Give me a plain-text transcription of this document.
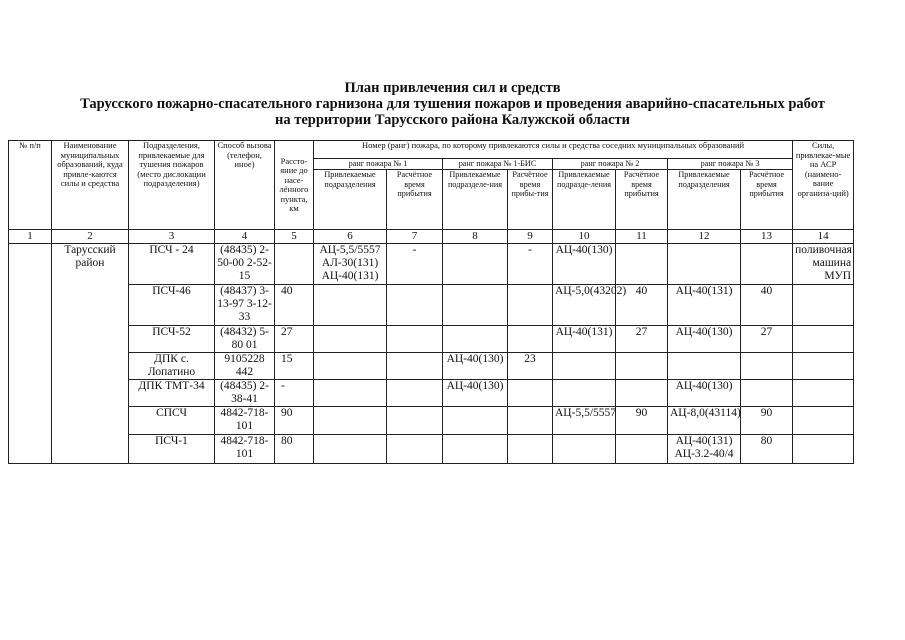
План привлечения сил и средств
Тарусского пожарно-спасательного гарнизона для тушения пожаров и проведения аварийно-спасательных работ
на территории Тарусского района Калужской области
№ п/п	Наименование муниципальных образований, куда привле-каются силы и средства	Подразделения, привлекаемые для тушения пожаров (место дислокации подразделения)	Способ вызова (телефон, иное)	Рассто-яние до насе-лённого пункта, км	Номер (ранг) пожара, по которому привлекаются силы и средства соседних муниципальных образований								Силы, привлекае-мые на АСР (наимено-вание организа-ций)
					ранг пожара № 1		ранг пожара № 1-БИС		ранг пожара № 2		ранг пожара № 3		
					Привлекаемые подразделения	Расчётное время прибытия	Привлекаемые подразделе-ния	Расчётное время прибы-тия	Привлекаемые подразде-ления	Расчётное время прибытия	Привлекаемые подразделения	Расчётное время прибытия	
1	2	3	4	5	6	7	8	9	10	11	12	13	14
	Тарусский район	ПСЧ - 24	(48435) 2-50-00 2-52-15		АЦ-5,5/5557 АЛ-30(131) АЦ-40(131)	-		-	АЦ-40(130)				поливочная машина МУП
		ПСЧ-46	(48437) 3-13-97 3-12-33	40					АЦ-5,0(43202)	40	АЦ-40(131)	40	
		ПСЧ-52	(48432) 5-80 01	27					АЦ-40(131)	27	АЦ-40(130)	27	
		ДПК с. Лопатино	9105228 442	15			АЦ-40(130)	23					
		ДПК ТМТ-34	(48435) 2-38-41	-			АЦ-40(130)				АЦ-40(130)		
		СПСЧ	4842-718-101	90					АЦ-5,5/5557	90	АЦ-8,0(43114)	90	
		ПСЧ-1	4842-718-101	80							АЦ-40(131) АЦ-3.2-40/4	80	
